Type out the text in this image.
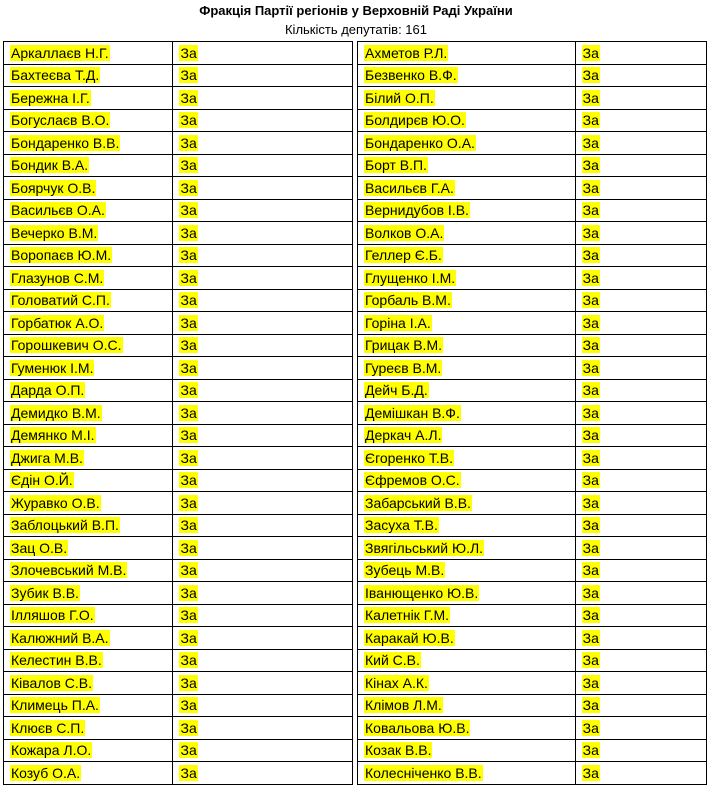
Фракція Партії регіонів у Верховній Раді України
Кількість депутатів: 161
Аркаллаєв Н.Г.	За
Бахтеєва Т.Д.	За
Бережна І.Г.	За
Богуслаєв В.О.	За
Бондаренко В.В.	За
Бондик В.А.	За
Боярчук О.В.	За
Васильєв О.А.	За
Вечерко В.М.	За
Воропаєв Ю.М.	За
Глазунов С.М.	За
Головатий С.П.	За
Горбатюк А.О.	За
Горошкевич О.С.	За
Гуменюк І.М.	За
Дарда О.П.	За
Демидко В.М.	За
Демянко М.І.	За
Джига М.В.	За
Єдін О.Й.	За
Журавко О.В.	За
Заблоцький В.П.	За
Зац О.В.	За
Злочевський М.В.	За
Зубик В.В.	За
Ілляшов Г.О.	За
Калюжний В.А.	За
Келестин В.В.	За
Ківалов С.В.	За
Климець П.А.	За
Клюєв С.П.	За
Кожара Л.О.	За
Козуб О.А.	За
Ахметов Р.Л.	За
Безвенко В.Ф.	За
Білий О.П.	За
Болдирєв Ю.О.	За
Бондаренко О.А.	За
Борт В.П.	За
Васильєв Г.А.	За
Вернидубов І.В.	За
Волков О.А.	За
Геллер Є.Б.	За
Глущенко І.М.	За
Горбаль В.М.	За
Горіна І.А.	За
Грицак В.М.	За
Гуреєв В.М.	За
Дейч Б.Д.	За
Демішкан В.Ф.	За
Деркач А.Л.	За
Єгоренко Т.В.	За
Єфремов О.С.	За
Забарський В.В.	За
Засуха Т.В.	За
Звягільський Ю.Л.	За
Зубець М.В.	За
Іванющенко Ю.В.	За
Калетнік Г.М.	За
Каракай Ю.В.	За
Кий С.В.	За
Кінах А.К.	За
Клімов Л.М.	За
Ковальова Ю.В.	За
Козак В.В.	За
Колесніченко В.В.	За
